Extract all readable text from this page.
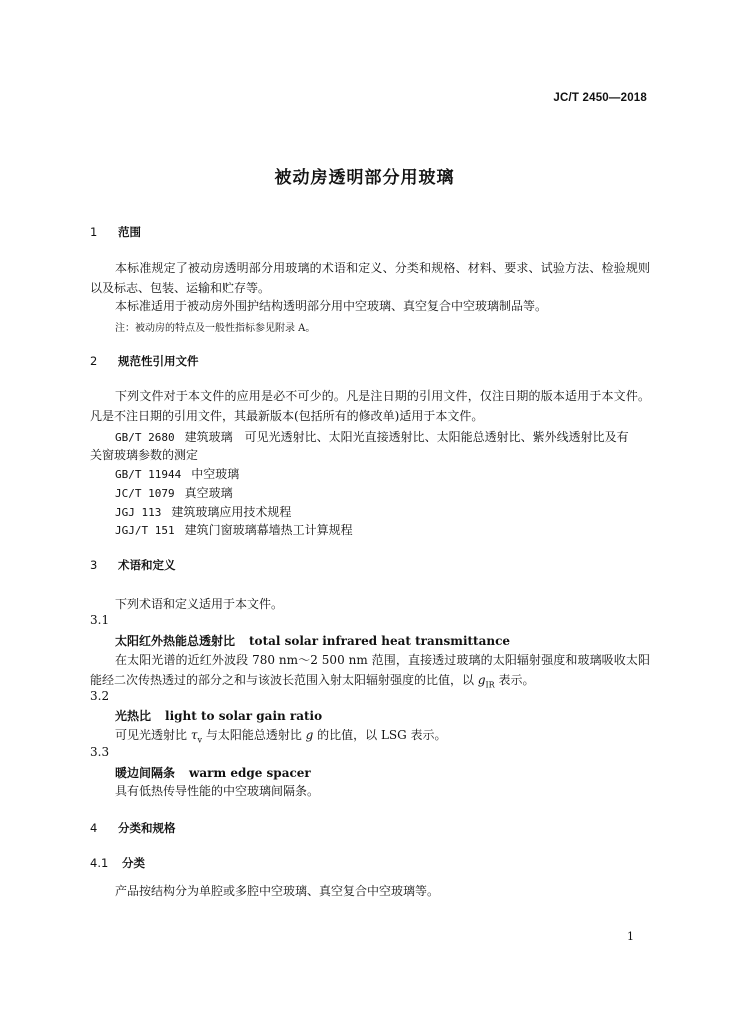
JC/T 2450—2018
被动房透明部分用玻璃
1 范围
本标准规定了被动房透明部分用玻璃的术语和定义、分类和规格、材料、要求、试验方法、检验规则以及标志、包装、运输和贮存等。
本标准适用于被动房外围护结构透明部分用中空玻璃、真空复合中空玻璃制品等。
注：被动房的特点及一般性指标参见附录 A。
2 规范性引用文件
下列文件对于本文件的应用是必不可少的。凡是注日期的引用文件，仅注日期的版本适用于本文件。凡是不注日期的引用文件，其最新版本(包括所有的修改单)适用于本文件。
GB/T 2680 建筑玻璃　可见光透射比、太阳光直接透射比、太阳能总透射比、紫外线透射比及有
关窗玻璃参数的测定
GB/T 11944 中空玻璃
JC/T 1079 真空玻璃
JGJ 113 建筑玻璃应用技术规程
JGJ/T 151 建筑门窗玻璃幕墙热工计算规程
3 术语和定义
下列术语和定义适用于本文件。
3.1
太阳红外热能总透射比 total solar infrared heat transmittance
在太阳光谱的近红外波段 780 nm～2 500 nm 范围，直接透过玻璃的太阳辐射强度和玻璃吸收太阳能经二次传热透过的部分之和与该波长范围入射太阳辐射强度的比值，以 $g_{IR}$ 表示。
3.2
光热比 light to solar gain ratio
可见光透射比 $\tau_v$ 与太阳能总透射比 g 的比值，以 LSG 表示。
3.3
暖边间隔条 warm edge spacer
具有低热传导性能的中空玻璃间隔条。
4 分类和规格
4.1 分类
产品按结构分为单腔或多腔中空玻璃、真空复合中空玻璃等。
1
